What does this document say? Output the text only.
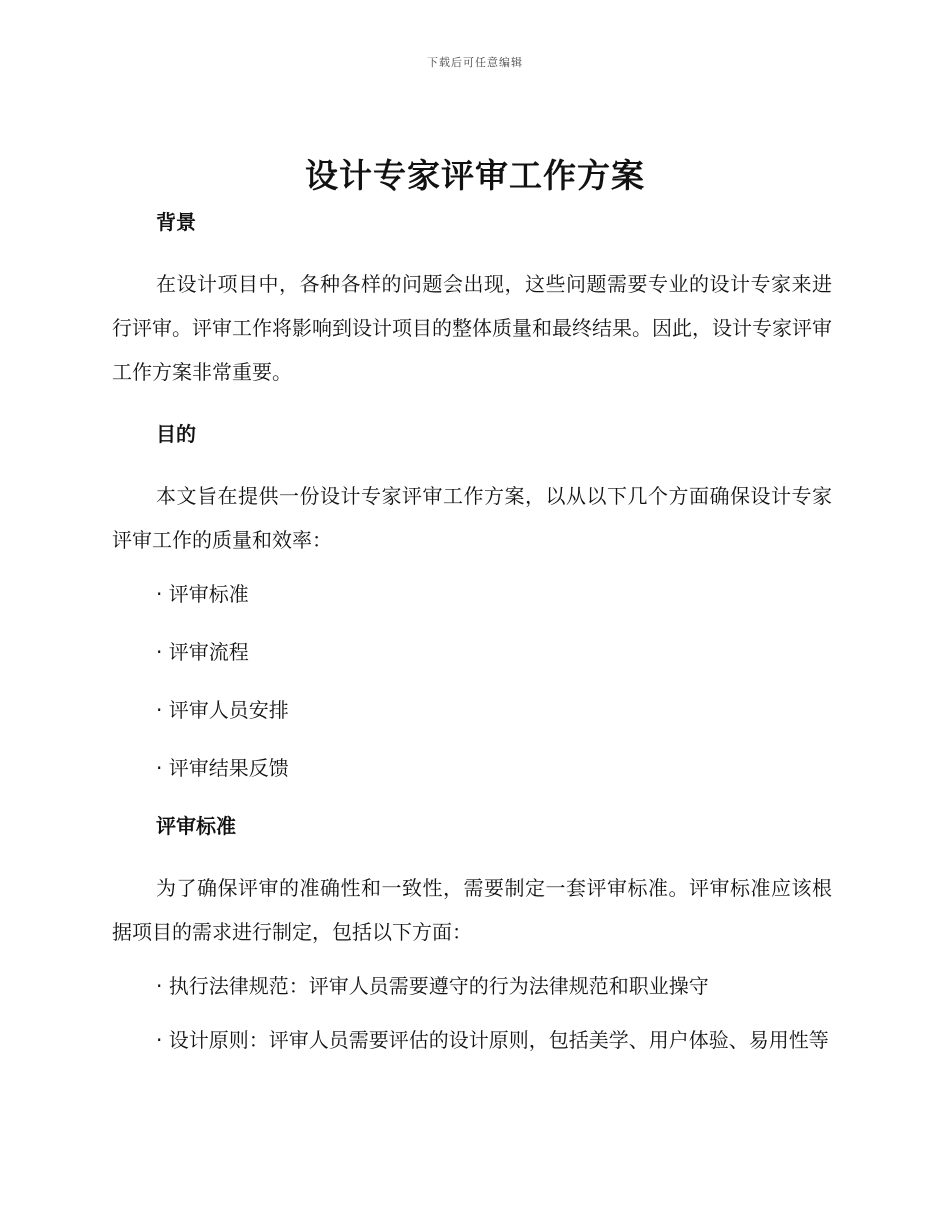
下载后可任意编辑
设计专家评审工作方案

背景

在设计项目中，各种各样的问题会出现，这些问题需要专业的设计专家来进行评审。评审工作将影响到设计项目的整体质量和最终结果。因此，设计专家评审工作方案非常重要。

目的

本文旨在提供一份设计专家评审工作方案，以从以下几个方面确保设计专家评审工作的质量和效率：

· 评审标准

· 评审流程

· 评审人员安排

· 评审结果反馈

评审标准

为了确保评审的准确性和一致性，需要制定一套评审标准。评审标准应该根据项目的需求进行制定，包括以下方面：

· 执行法律规范：评审人员需要遵守的行为法律规范和职业操守

· 设计原则：评审人员需要评估的设计原则，包括美学、用户体验、易用性等
